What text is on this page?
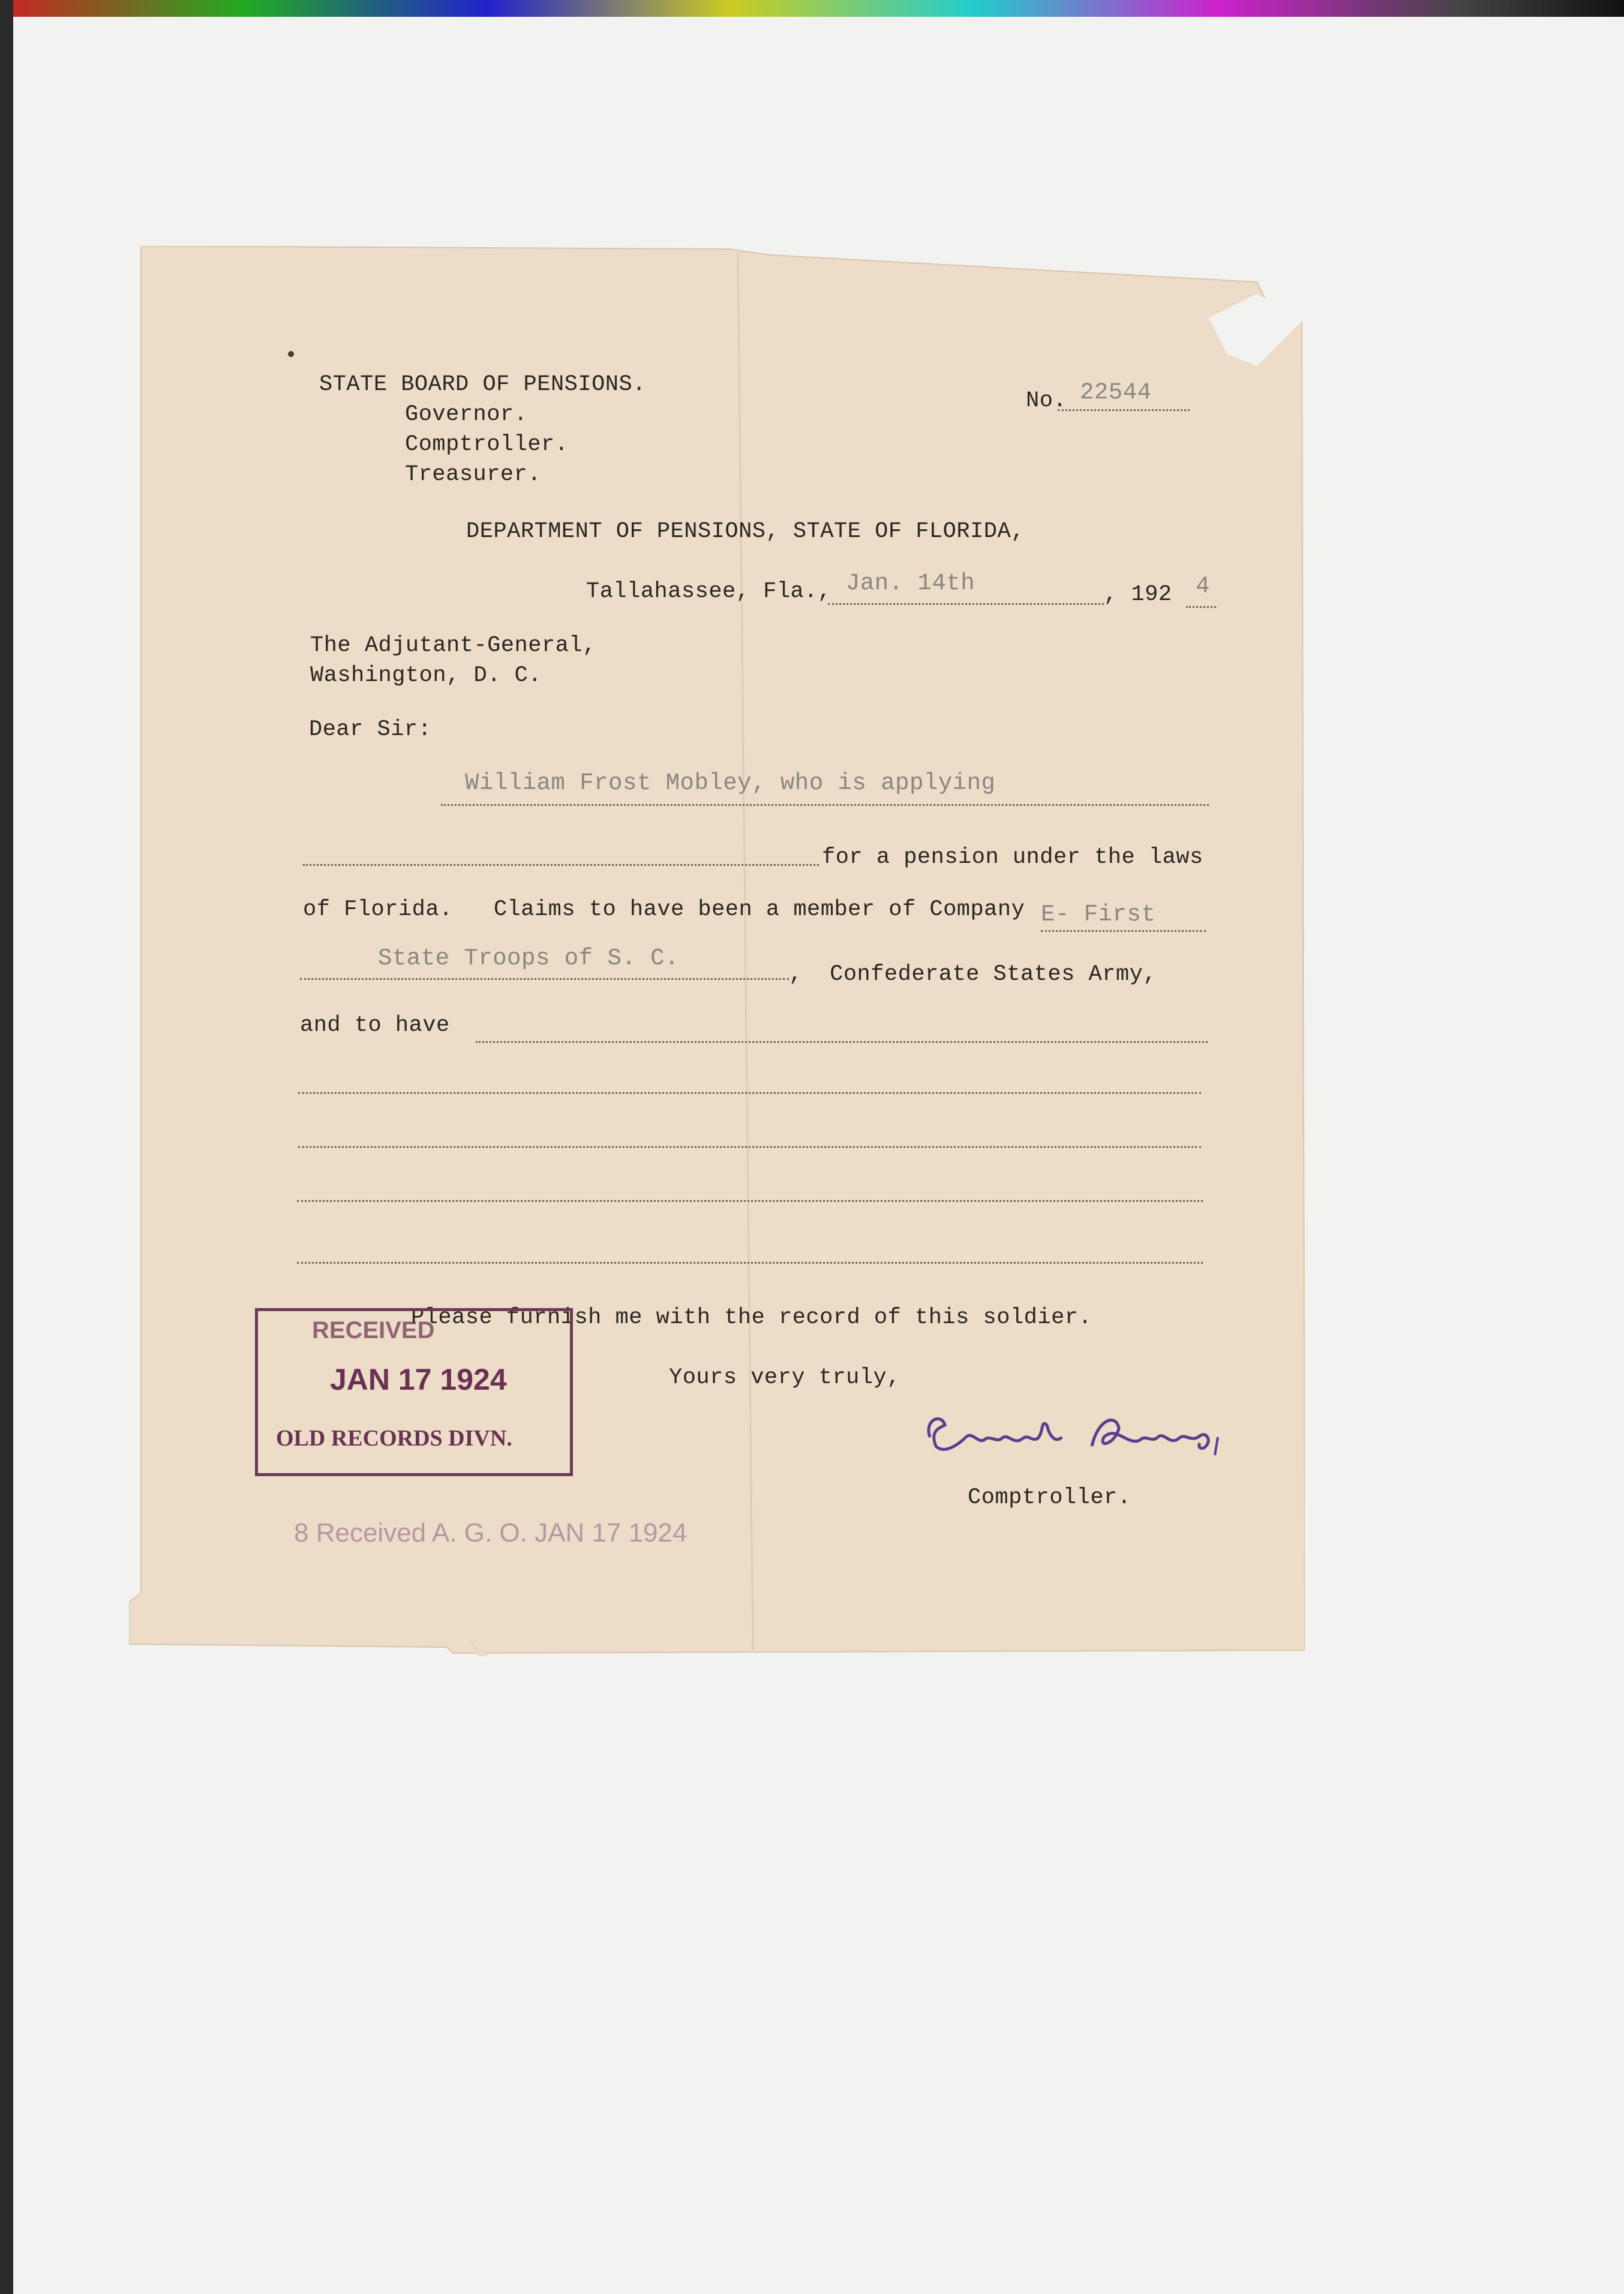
STATE BOARD OF PENSIONS.
Governor.
Comptroller.
Treasurer.
No. 22544
DEPARTMENT OF PENSIONS, STATE OF FLORIDA,
Tallahassee, Fla., Jan. 14th	, 192 4
The Adjutant-General,
Washington, D. C.
Dear Sir:
William Frost Mobley, who is applying
for a pension under the laws
of Florida.   Claims to have been a member of Company E- First
State Troops of S. C.
,  Confederate States Army,
and to have
Please furnish me with the record of this soldier.
Yours very truly,
Comptroller.
RECEIVED
JAN 17 1924
OLD RECORDS DIVN.
8 Received A. G. O. JAN 17 1924
